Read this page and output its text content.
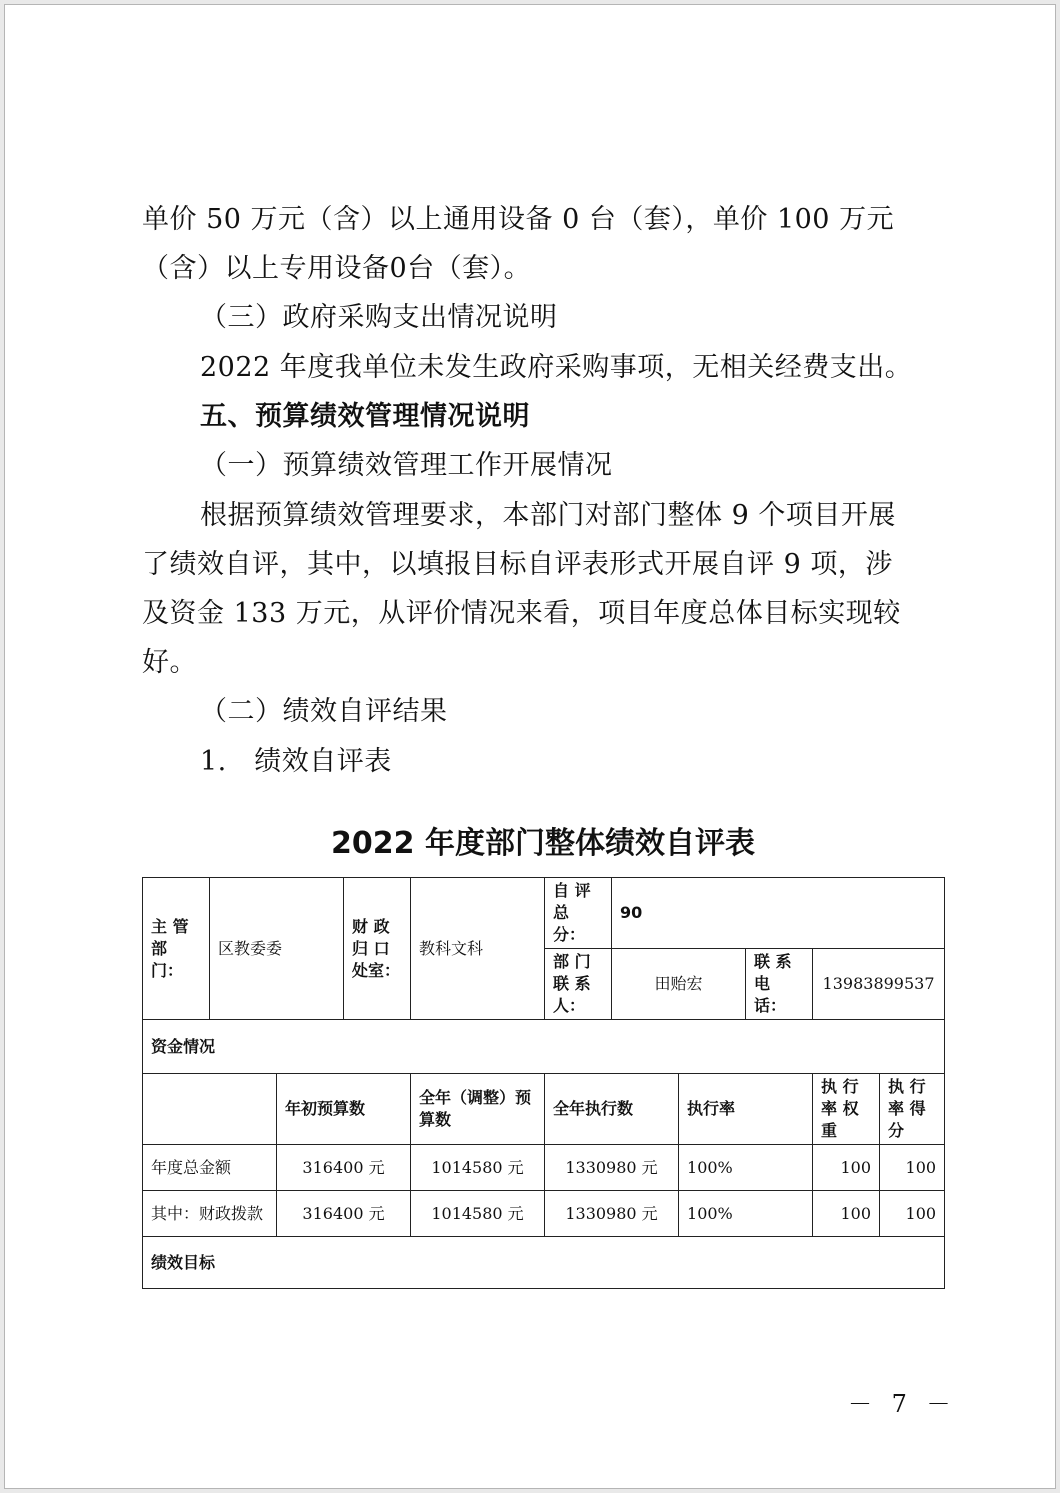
单价 50 万元（含）以上通用设备 0 台（套），单价 100 万元
（含）以上专用设备0台（套）。
（三）政府采购支出情况说明
2022 年度我单位未发生政府采购事项，无相关经费支出。
五、预算绩效管理情况说明
（一）预算绩效管理工作开展情况
根据预算绩效管理要求，本部门对部门整体 9 个项目开展
了绩效自评，其中，以填报目标自评表形式开展自评 9 项，涉
及资金 133 万元，从评价情况来看，项目年度总体目标实现较
好。
（二）绩效自评结果
1.　绩效自评表
2022 年度部门整体绩效自评表
主 管 部 门：	区教委委		财 政 归 口 处室：	教科文科	自 评 总 分：	90				
					部 门 联 系 人：	田贻宏		联 系 电 话：	13983899537	
资金情况										
		年初预算数		全年（调整）预算数	全年执行数		执行率		执 行 率 权 重	执 行 率 得 分
年度总金额		316400 元		1014580 元	1330980 元		100%		100	100
其中：财政拨款		316400 元		1014580 元	1330980 元		100%		100	100
绩效目标										
－ 7 －
